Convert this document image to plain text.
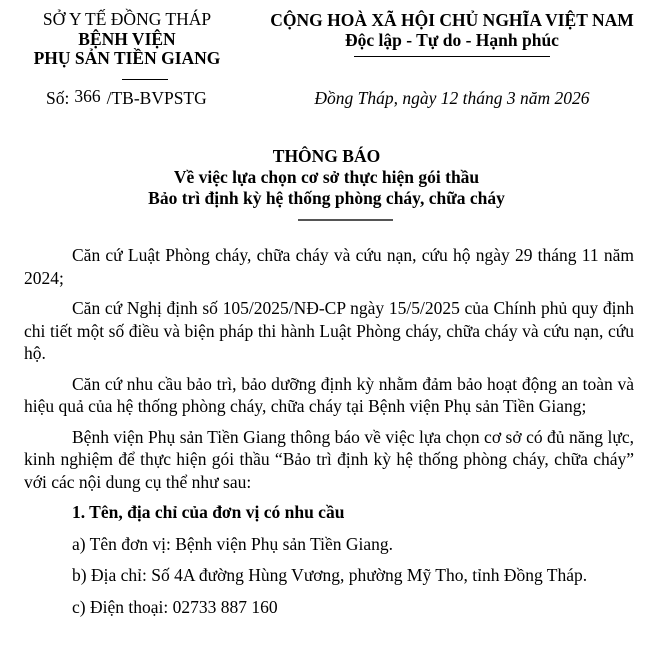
SỞ Y TẾ ĐỒNG THÁP
BỆNH VIỆN
PHỤ SẢN TIỀN GIANG
Số: 366 /TB-BVPSTG
CỘNG HOÀ XÃ HỘI CHỦ NGHĨA VIỆT NAM
Độc lập - Tự do - Hạnh phúc
Đồng Tháp, ngày 12 tháng 3 năm 2026
THÔNG BÁO
Về việc lựa chọn cơ sở thực hiện gói thầu
Bảo trì định kỳ hệ thống phòng cháy, chữa cháy

Căn cứ Luật Phòng cháy, chữa cháy và cứu nạn, cứu hộ ngày 29 tháng 11 năm 2024;

Căn cứ Nghị định số 105/2025/NĐ-CP ngày 15/5/2025 của Chính phủ quy định chi tiết một số điều và biện pháp thi hành Luật Phòng cháy, chữa cháy và cứu nạn, cứu hộ.

Căn cứ nhu cầu bảo trì, bảo dưỡng định kỳ nhằm đảm bảo hoạt động an toàn và hiệu quả của hệ thống phòng cháy, chữa cháy tại Bệnh viện Phụ sản Tiền Giang;

Bệnh viện Phụ sản Tiền Giang thông báo về việc lựa chọn cơ sở có đủ năng lực, kinh nghiệm để thực hiện gói thầu “Bảo trì định kỳ hệ thống phòng cháy, chữa cháy” với các nội dung cụ thể như sau:

1. Tên, địa chỉ của đơn vị có nhu cầu
a) Tên đơn vị: Bệnh viện Phụ sản Tiền Giang.
b) Địa chỉ: Số 4A đường Hùng Vương, phường Mỹ Tho, tỉnh Đồng Tháp.
c) Điện thoại: 02733 887 160
